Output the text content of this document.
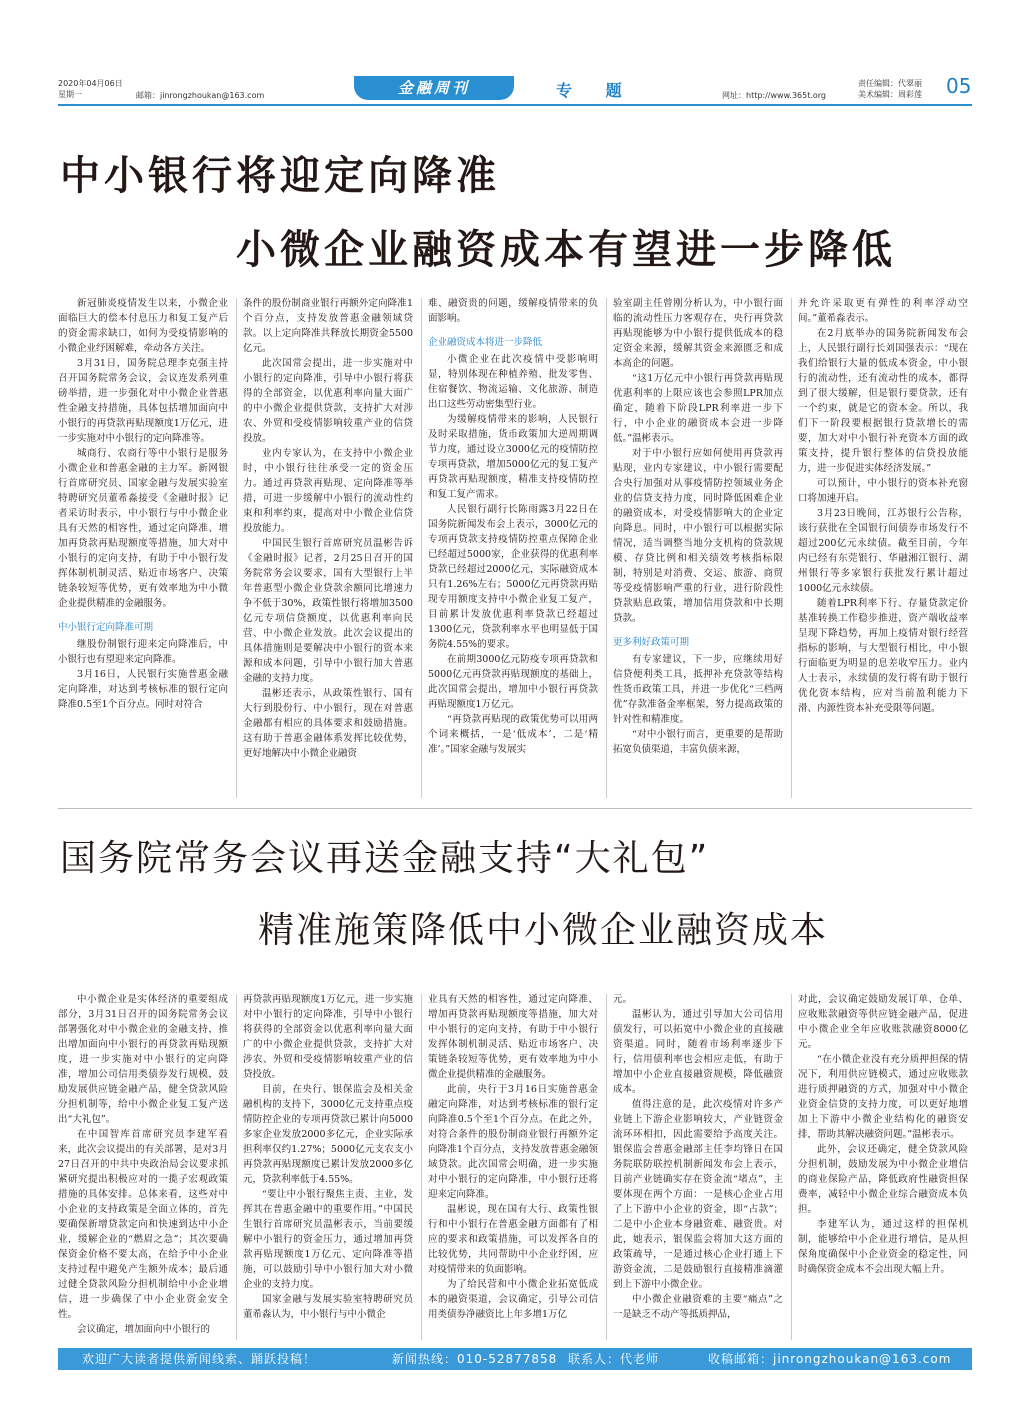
2020年04月06日
星期一	邮箱：jinrongzhoukan@163.com	金融周刊	专 题	网址：http://www.365t.org
责任编辑：代翠丽
美术编辑：周彩莲 05
中小银行将迎定向降准
小微企业融资成本有望进一步降低

新冠肺炎疫情发生以来，小微企业面临巨大的偿本付息压力和复工复产后的资金需求缺口，如何为受疫情影响的小微企业纾困解难，牵动各方关注。

3月31日，国务院总理李克强主持召开国务院常务会议，会议连发系列重磅举措，进一步强化对中小微企业普惠性金融支持措施，具体包括增加面向中小银行的再贷款再贴现额度1万亿元，进一步实施对中小银行的定向降准等。

城商行、农商行等中小银行是服务小微企业和普惠金融的主力军。新网银行首席研究员、国家金融与发展实验室特聘研究员董希淼接受《金融时报》记者采访时表示，中小银行与中小微企业具有天然的相容性，通过定向降准、增加再贷款再贴现额度等措施，加大对中小银行的定向支持，有助于中小银行发挥体制机制灵活、贴近市场客户、决策链条较短等优势，更有效率地为中小微企业提供精准的金融服务。

中小银行定向降准可期

继股份制银行迎来定向降准后，中小银行也有望迎来定向降准。

3月16日，人民银行实施普惠金融定向降准，对达到考核标准的银行定向降准0.5至1个百分点。同时对符合

条件的股份制商业银行再额外定向降准1个百分点，支持发放普惠金融领域贷款。以上定向降准共释放长期资金5500亿元。

此次国常会提出，进一步实施对中小银行的定向降准，引导中小银行将获得的全部资金，以优惠利率向量大面广的中小微企业提供贷款，支持扩大对涉农、外贸和受疫情影响较重产业的信贷投放。

业内专家认为，在支持中小微企业时，中小银行往往承受一定的资金压力。通过再贷款再贴现、定向降准等举措，可进一步缓解中小银行的流动性约束和利率约束，提高对中小微企业信贷投放能力。

中国民生银行首席研究员温彬告诉《金融时报》记者，2月25日召开的国务院常务会议要求，国有大型银行上半年普惠型小微企业贷款余额同比增速力争不低于30%，政策性银行将增加3500亿元专项信贷额度，以优惠利率向民营、中小微企业发放。此次会议提出的具体措施则是要解决中小银行的资本来源和成本问题，引导中小银行加大普惠金融的支持力度。

温彬还表示，从政策性银行、国有大行到股份行、中小银行，现在对普惠金融都有相应的具体要求和鼓励措施。这有助于普惠金融体系发挥比较优势，更好地解决中小微企业融资

难、融资贵的问题，缓解疫情带来的负面影响。

企业融资成本将进一步降低

小微企业在此次疫情中受影响明显，特别体现在种植养殖、批发零售、住宿餐饮、物流运输、文化旅游、制造出口这些劳动密集型行业。

为缓解疫情带来的影响，人民银行及时采取措施，货币政策加大逆周期调节力度，通过设立3000亿元的疫情防控专项再贷款，增加5000亿元的复工复产再贷款再贴现额度，精准支持疫情防控和复工复产需求。

人民银行副行长陈雨露3月22日在国务院新闻发布会上表示，3000亿元的专项再贷款支持疫情防控重点保障企业已经超过5000家，企业获得的优惠利率贷款已经超过2000亿元，实际融资成本只有1.26%左右；5000亿元再贷款再贴现专用额度支持中小微企业复工复产，目前累计发放优惠利率贷款已经超过1300亿元，贷款利率水平也明显低于国务院4.55%的要求。

在前期3000亿元防疫专项再贷款和5000亿元再贷款再贴现额度的基础上，此次国常会提出，增加中小银行再贷款再贴现额度1万亿元。

“再贷款再贴现的政策优势可以用两个词来概括，一是‘低成本’，二是‘精准’。”国家金融与发展实

验室副主任曾刚分析认为，中小银行面临的流动性压力客观存在，央行再贷款再贴现能够为中小银行提供低成本的稳定资金来源，缓解其资金来源匮乏和成本高企的问题。

“这1万亿元中小银行再贷款再贴现优惠利率的上限应该也会参照LPR加点确定，随着下阶段LPR利率进一步下行，中小企业的融资成本会进一步降低。”温彬表示。

对于中小银行应如何使用再贷款再贴现，业内专家建议，中小银行需要配合央行加强对从事疫情防控领域业务企业的信贷支持力度，同时降低困难企业的融资成本，对受疫情影响大的企业定向降息。同时，中小银行可以根据实际情况，适当调整当地分支机构的贷款规模、存贷比例和相关绩效考核指标限制，特别是对消费、交运、旅游、商贸等受疫情影响严重的行业，进行阶段性贷款贴息政策，增加信用贷款和中长期贷款。

更多利好政策可期

有专家建议，下一步，应继续用好信贷便利类工具，抵押补充贷款等结构性货币政策工具，并进一步优化“三档两优”存款准备金率框架，努力提高政策的针对性和精准度。

“对中小银行而言，更重要的是帮助拓宽负债渠道，丰富负债来源，

并允许采取更有弹性的利率浮动空间。”董希淼表示。

在2月底举办的国务院新闻发布会上，人民银行副行长刘国强表示：“现在我们给银行大量的低成本资金，中小银行的流动性，还有流动性的成本，都得到了很大缓解，但是银行要贷款，还有一个约束，就是它的资本金。所以，我们下一阶段要根据银行贷款增长的需要，加大对中小银行补充资本方面的政策支持，提升银行整体的信贷投放能力，进一步促进实体经济发展。”

可以预计，中小银行的资本补充窗口将加速开启。

3月23日晚间，江苏银行公告称，该行获批在全国银行间债券市场发行不超过200亿元永续债。截至目前，今年内已经有东莞银行、华融湘江银行、湖州银行等多家银行获批发行累计超过1000亿元永续债。

随着LPR利率下行、存量贷款定价基准转换工作稳步推进，资产端收益率呈现下降趋势，再加上疫情对银行经营指标的影响，与大型银行相比，中小银行面临更为明显的息差收窄压力。业内人士表示，永续债的发行将有助于银行优化资本结构，应对当前盈利能力下滑、内源性资本补充受限等问题。

国务院常务会议再送金融支持“大礼包”
精准施策降低中小微企业融资成本

中小微企业是实体经济的重要组成部分，3月31日召开的国务院常务会议部署强化对中小微企业的金融支持，推出增加面向中小银行的再贷款再贴现额度，进一步实施对中小银行的定向降准，增加公司信用类债券发行规模，鼓励发展供应链金融产品，健全贷款风险分担机制等，给中小微企业复工复产送出“大礼包”。

在中国智库首席研究员李建军看来，此次会议提出的有关部署，是对3月27日召开的中共中央政治局会议要求抓紧研究提出积极应对的一揽子宏观政策措施的具体安排。总体来看，这些对中小企业的支持政策是全面立体的，首先要确保新增贷款定向和快速到达中小企业，缓解企业的“燃眉之急”；其次要确保资金价格不要太高，在给予中小企业支持过程中避免产生额外成本；最后通过健全贷款风险分担机制给中小企业增信，进一步确保了中小企业资金安全性。

会议确定，增加面向中小银行的

再贷款再贴现额度1万亿元，进一步实施对中小银行的定向降准，引导中小银行将获得的全部资金以优惠利率向量大面广的中小微企业提供贷款，支持扩大对涉农、外贸和受疫情影响较重产业的信贷投放。

目前，在央行、银保监会及相关金融机构的支持下，3000亿元支持重点疫情防控企业的专项再贷款已累计向5000多家企业发放2000多亿元，企业实际承担利率仅约1.27%；5000亿元支农支小再贷款再贴现额度已累计发放2000多亿元，贷款利率低于4.55%。

“要让中小银行聚焦主责、主业，发挥其在普惠金融中的重要作用。”中国民生银行首席研究员温彬表示，当前要缓解中小银行的资金压力，通过增加再贷款再贴现额度1万亿元、定向降准等措施，可以鼓励引导中小银行加大对小微企业的支持力度。

国家金融与发展实验室特聘研究员董希淼认为，中小银行与中小微企

业具有天然的相容性，通过定向降准、增加再贷款再贴现额度等措施，加大对中小银行的定向支持，有助于中小银行发挥体制机制灵活、贴近市场客户、决策链条较短等优势，更有效率地为中小微企业提供精准的金融服务。

此前，央行于3月16日实施普惠金融定向降准，对达到考核标准的银行定向降准0.5个至1个百分点。在此之外，对符合条件的股份制商业银行再额外定向降准1个百分点，支持发放普惠金融领域贷款。此次国常会明确，进一步实施对中小银行的定向降准，中小银行还将迎来定向降准。

温彬说，现在国有大行、政策性银行和中小银行在普惠金融方面都有了相应的要求和政策措施，可以发挥各自的比较优势，共同帮助中小企业纾困，应对疫情带来的负面影响。

为了给民营和中小微企业拓宽低成本的融资渠道，会议确定，引导公司信用类债券净融资比上年多增1万亿

元。

温彬认为，通过引导加大公司信用债发行，可以拓宽中小微企业的直接融资渠道。同时，随着市场利率逐步下行，信用债利率也会相应走低，有助于增加中小企业直接融资规模，降低融资成本。

值得注意的是，此次疫情对许多产业链上下游企业影响较大，产业链资金流环环相扣，因此需要给予高度关注。银保监会普惠金融部主任李均锋日在国务院联防联控机制新闻发布会上表示，目前产业链确实存在资金流“堵点”，主要体现在两个方面：一是核心企业占用了上下游中小企业的资金，即“占款”；二是中小企业本身融资难、融资贵。对此，她表示，银保监会将加大这方面的政策疏导，一是通过核心企业打通上下游资金流，二是鼓励银行直接精准滴灌到上下游中小微企业。

中小微企业融资难的主要“痛点”之一是缺乏不动产等抵质押品，

对此，会议确定鼓励发展订单、仓单、应收账款融资等供应链金融产品，促进中小微企业全年应收账款融资8000亿元。

“在小微企业没有充分质押担保的情况下，利用供应链模式，通过应收账款进行质押融资的方式，加强对中小微企业资金信贷的支持力度，可以更好地增加上下游中小微企业结构化的融资安排，帮助其解决融资问题。”温彬表示。

此外，会议还确定，健全贷款风险分担机制，鼓励发展为中小微企业增信的商业保险产品，降低政府性融资担保费率，减轻中小微企业综合融资成本负担。

李建军认为，通过这样的担保机制，能够给中小企业进行增信，是从担保角度确保中小企业资金的稳定性，同时确保资金成本不会出现大幅上升。

欢迎广大读者提供新闻线索、踊跃投稿！	新闻热线：010-52877858 联系人：代老师	收稿邮箱：jinrongzhoukan@163.com
